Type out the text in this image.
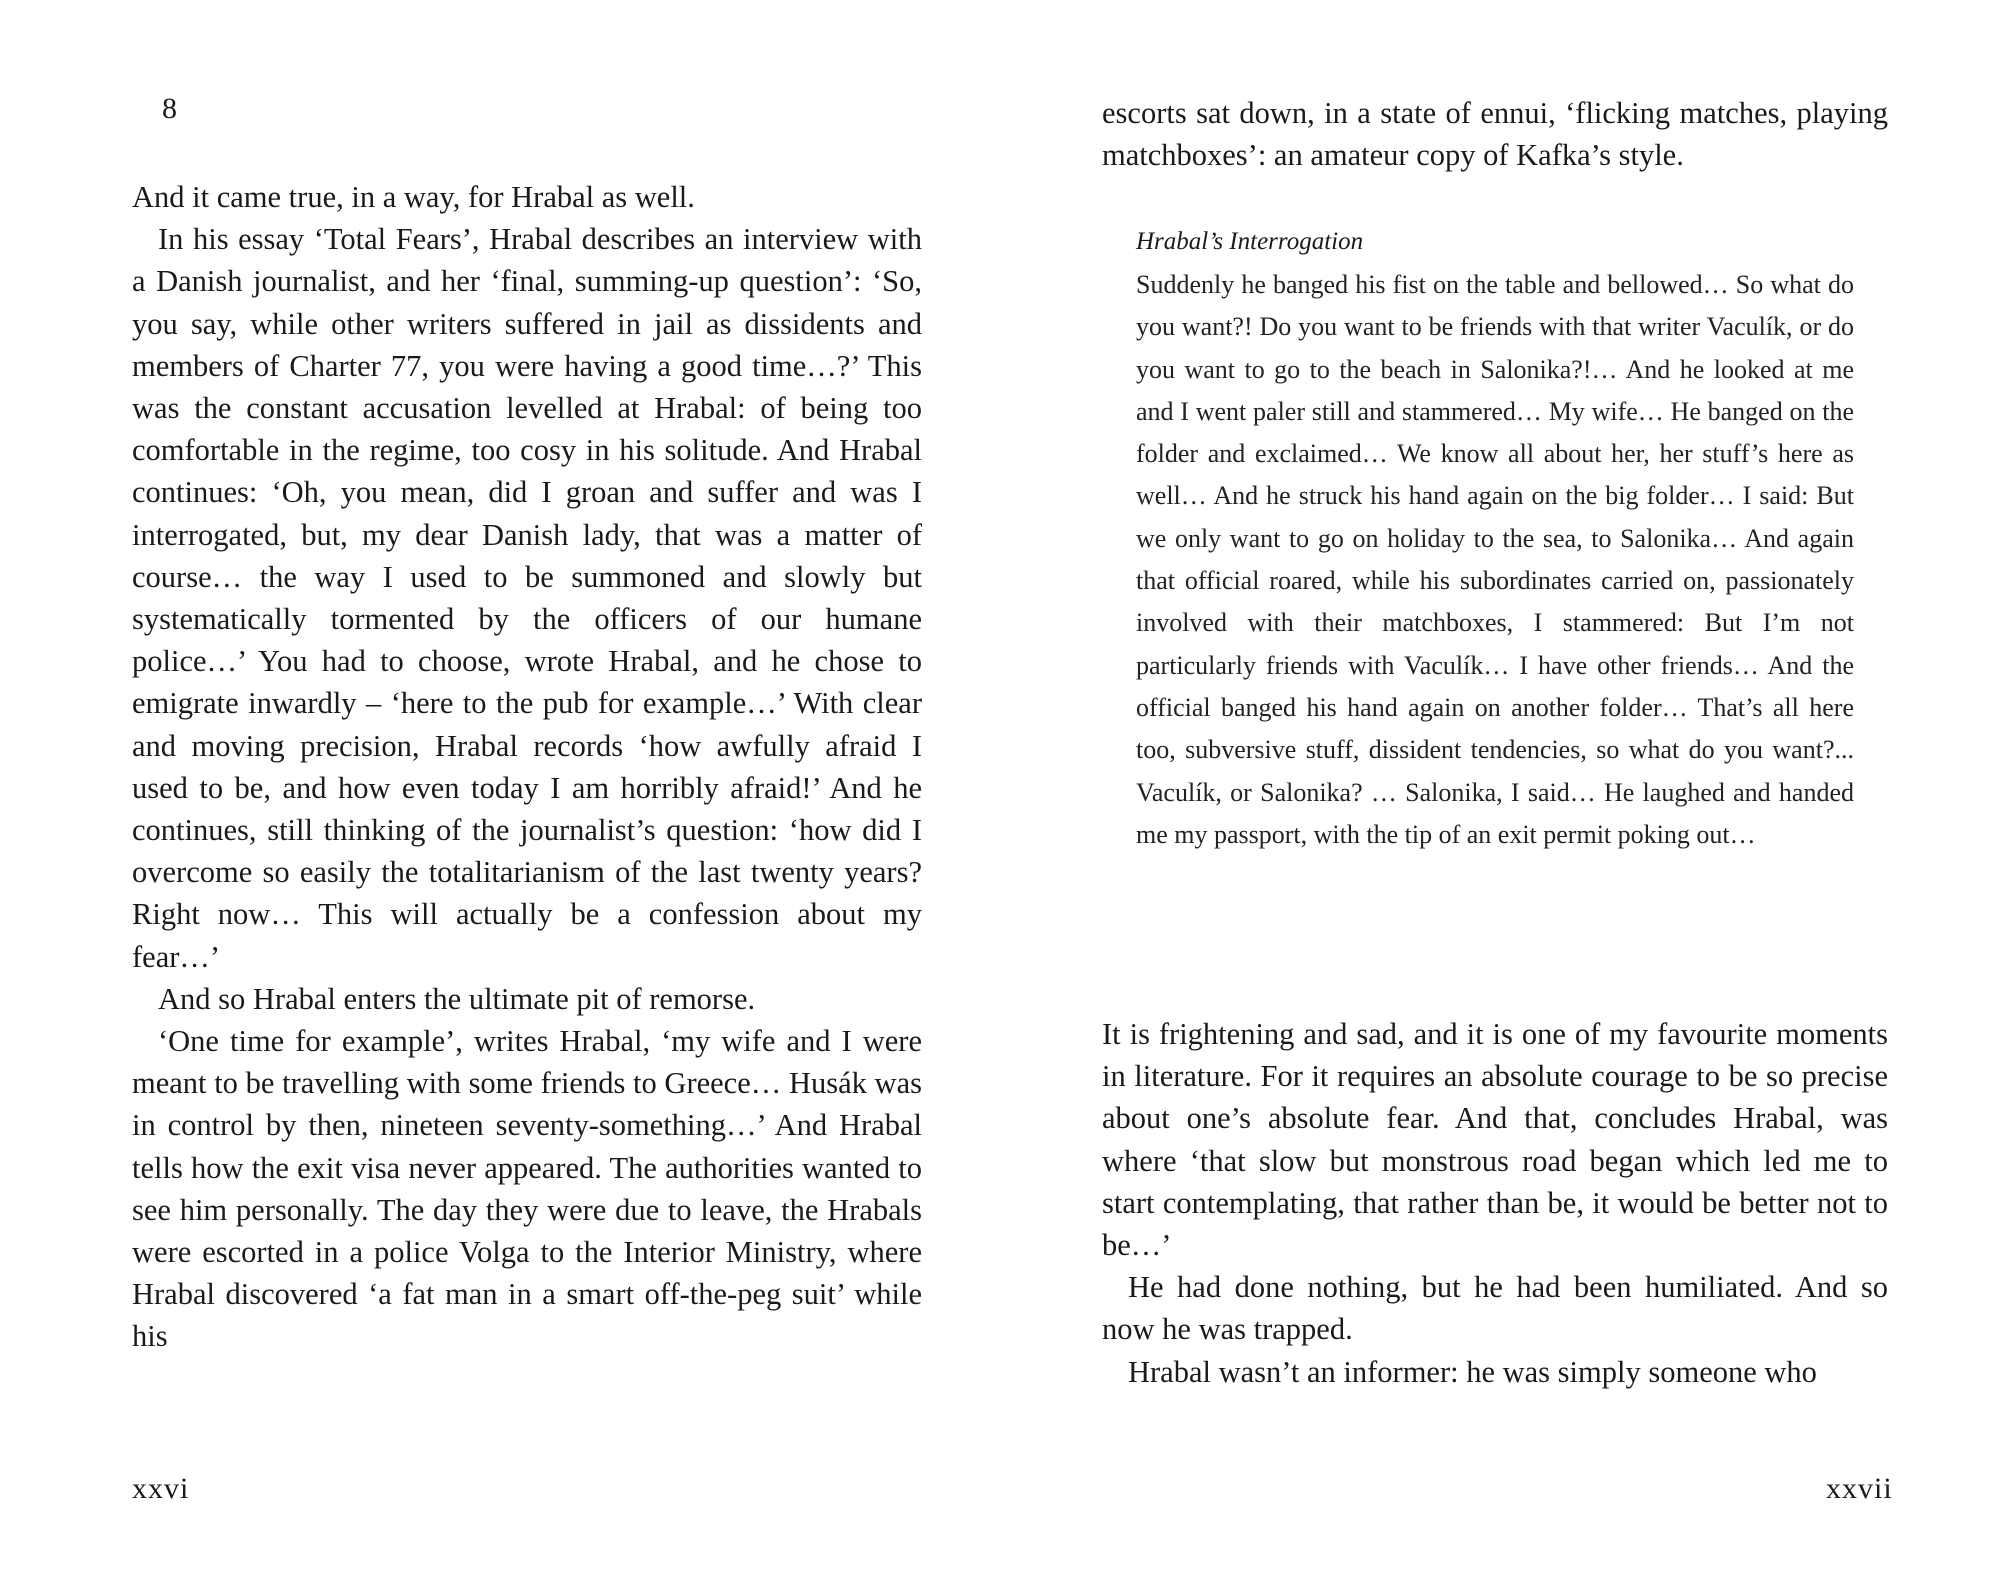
8

And it came true, in a way, for Hrabal as well.

In his essay ‘Total Fears’, Hrabal describes an interview with a Danish journalist, and her ‘final, summing-up question’: ‘So, you say, while other writers suffered in jail as dissidents and members of Charter 77, you were having a good time…?’ This was the constant accusation levelled at Hrabal: of being too comfortable in the regime, too cosy in his solitude. And Hrabal continues: ‘Oh, you mean, did I groan and suffer and was I interrogated, but, my dear Danish lady, that was a matter of course… the way I used to be summoned and slowly but systematically tormented by the officers of our humane police…’ You had to choose, wrote Hrabal, and he chose to emigrate inwardly – ‘here to the pub for example…’ With clear and moving precision, Hrabal records ‘how awfully afraid I used to be, and how even today I am horribly afraid!’ And he continues, still thinking of the journalist’s question: ‘how did I overcome so easily the totalitarianism of the last twenty years? Right now… This will actually be a confession about my fear…’

And so Hrabal enters the ultimate pit of remorse.

‘One time for example’, writes Hrabal, ‘my wife and I were meant to be travelling with some friends to Greece… Husák was in control by then, nineteen seventy-something…’ And Hrabal tells how the exit visa never appeared. The authorities wanted to see him personally. The day they were due to leave, the Hrabals were escorted in a police Volga to the Interior Ministry, where Hrabal discovered ‘a fat man in a smart off-the-peg suit’ while his

xxvi

escorts sat down, in a state of ennui, ‘flicking matches, playing matchboxes’: an amateur copy of Kafka’s style.

Hrabal’s Interrogation

Suddenly he banged his fist on the table and bellowed… So what do you want?! Do you want to be friends with that writer Vaculík, or do you want to go to the beach in Salonika?!… And he looked at me and I went paler still and stammered… My wife… He banged on the folder and exclaimed… We know all about her, her stuff’s here as well… And he struck his hand again on the big folder… I said: But we only want to go on holiday to the sea, to Salonika… And again that official roared, while his subordinates carried on, passionately involved with their matchboxes, I stammered: But I’m not particularly friends with Vaculík… I have other friends… And the official banged his hand again on another folder… That’s all here too, subversive stuff, dissident tendencies, so what do you want?... Vaculík, or Salonika? … Salonika, I said… He laughed and handed me my passport, with the tip of an exit permit poking out…

It is frightening and sad, and it is one of my favourite moments in literature. For it requires an absolute courage to be so precise about one’s absolute fear. And that, concludes Hrabal, was where ‘that slow but monstrous road began which led me to start contemplating, that rather than be, it would be better not to be…’

He had done nothing, but he had been humiliated. And so now he was trapped.

Hrabal wasn’t an informer: he was simply someone who

xxvii
